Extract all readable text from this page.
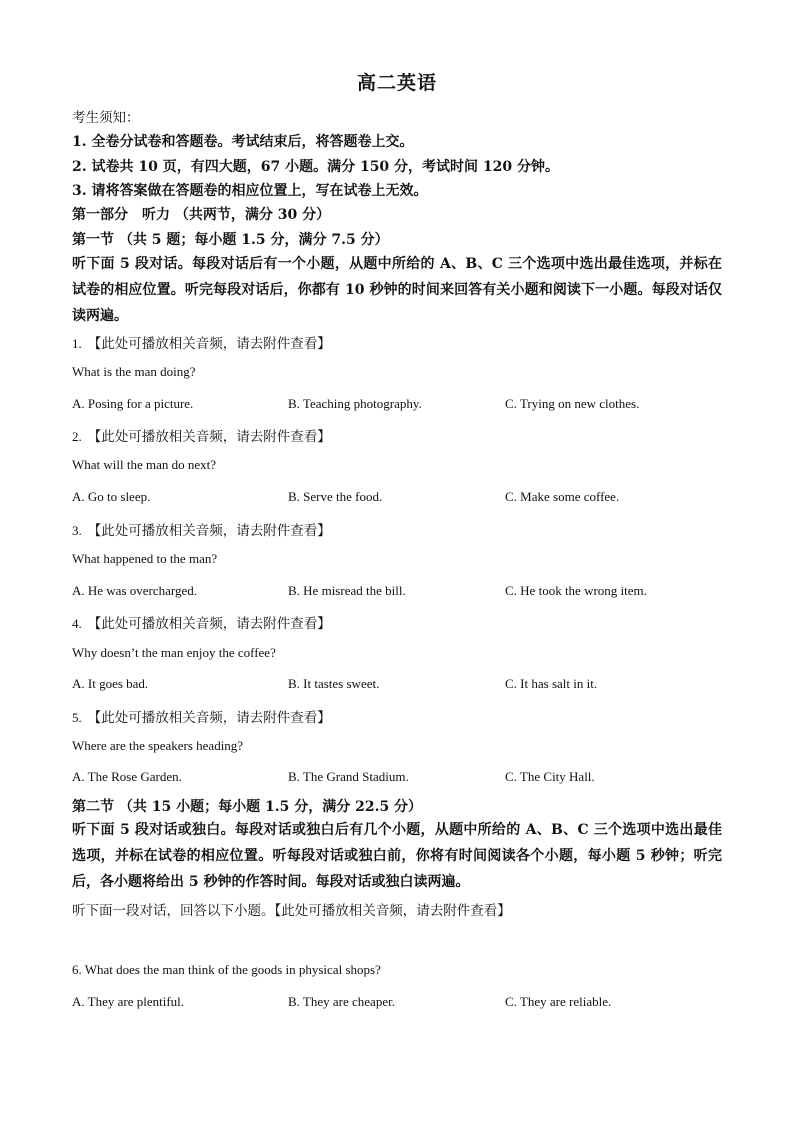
高二英语
考生须知：
1. 全卷分试卷和答题卷。考试结束后，将答题卷上交。
2. 试卷共 10 页，有四大题，67 小题。满分 150 分，考试时间 120 分钟。
3. 请将答案做在答题卷的相应位置上，写在试卷上无效。
第一部分　听力 （共两节，满分 30 分）
第一节 （共 5 题；每小题 1.5 分，满分 7.5 分）
听下面 5 段对话。每段对话后有一个小题，从题中所给的 A、B、C 三个选项中选出最佳选项，并标在试卷的相应位置。听完每段对话后，你都有 10 秒钟的时间来回答有关小题和阅读下一小题。每段对话仅读两遍。
1. 【此处可播放相关音频，请去附件查看】
What is the man doing?
A. Posing for a picture.	B. Teaching photography.	C. Trying on new clothes.
2. 【此处可播放相关音频，请去附件查看】
What will the man do next?
A. Go to sleep.	B. Serve the food.	C. Make some coffee.
3. 【此处可播放相关音频，请去附件查看】
What happened to the man?
A. He was overcharged.	B. He misread the bill.	C. He took the wrong item.
4. 【此处可播放相关音频，请去附件查看】
Why doesn’t the man enjoy the coffee?
A. It goes bad.	B. It tastes sweet.	C. It has salt in it.
5. 【此处可播放相关音频，请去附件查看】
Where are the speakers heading?
A. The Rose Garden.	B. The Grand Stadium.	C. The City Hall.
第二节 （共 15 小题；每小题 1.5 分，满分 22.5 分）
听下面 5 段对话或独白。每段对话或独白后有几个小题，从题中所给的 A、B、C 三个选项中选出最佳选项，并标在试卷的相应位置。听每段对话或独白前，你将有时间阅读各个小题，每小题 5 秒钟；听完后，各小题将给出 5 秒钟的作答时间。每段对话或独白读两遍。
听下面一段对话，回答以下小题。【此处可播放相关音频，请去附件查看】
6. What does the man think of the goods in physical shops?
A. They are plentiful.	B. They are cheaper.	C. They are reliable.
